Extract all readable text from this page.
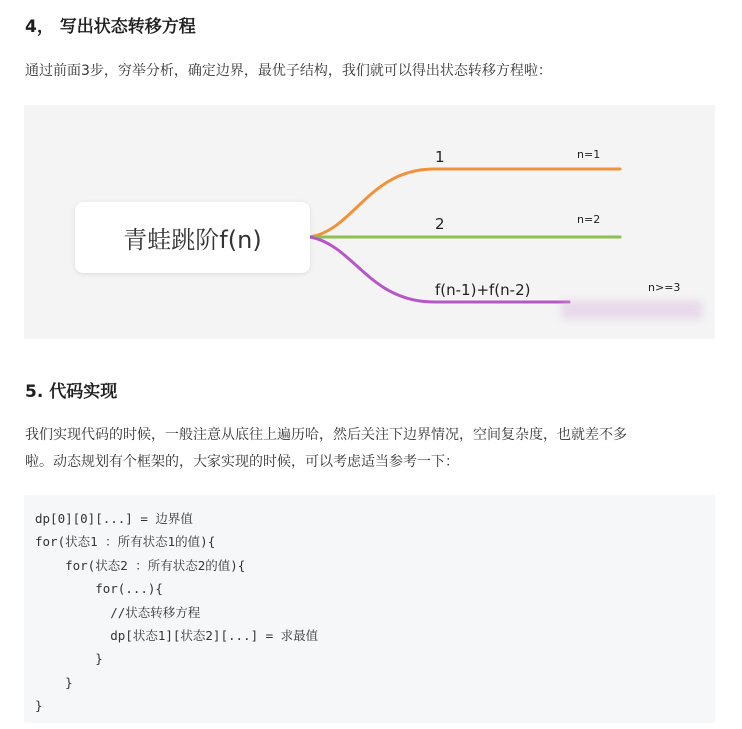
4， 写出状态转移方程

通过前面3步，穷举分析，确定边界，最优子结构，我们就可以得出状态转移方程啦：

青蛙跳阶f(n)
1	n=1
2	n=2
f(n-1)+f(n-2)	n>=3
5. 代码实现

我们实现代码的时候，一般注意从底往上遍历哈，然后关注下边界情况，空间复杂度，也就差不多

啦。动态规划有个框架的，大家实现的时候，可以考虑适当参考一下：

dp[0][0][...] = 边界值
for(状态1 ：所有状态1的值){
for(状态2 ：所有状态2的值){
for(...){
//状态转移方程
dp[状态1][状态2][...] = 求最值
}
}
}
